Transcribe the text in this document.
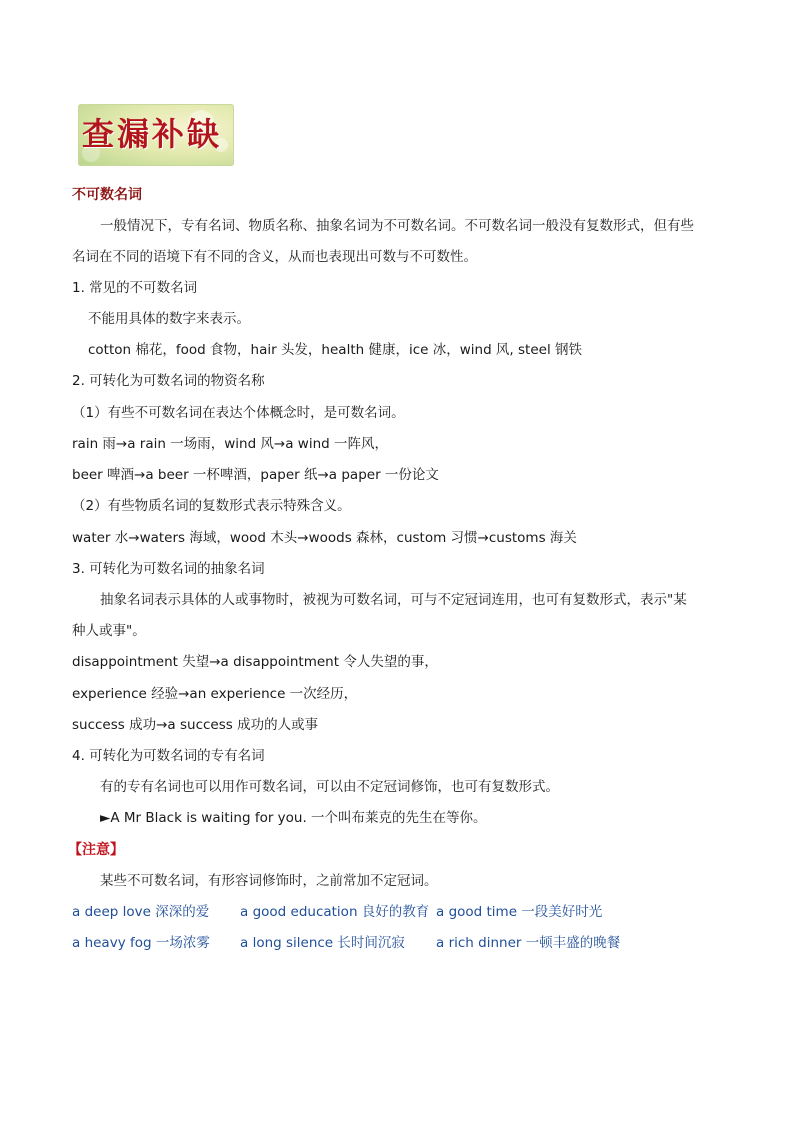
查漏补缺
不可数名词
一般情况下，专有名词、物质名称、抽象名词为不可数名词。不可数名词一般没有复数形式，但有些
名词在不同的语境下有不同的含义，从而也表现出可数与不可数性。
1. 常见的不可数名词
不能用具体的数字来表示。
cotton 棉花，food 食物，hair 头发，health 健康，ice 冰，wind 风, steel 钢铁
2. 可转化为可数名词的物资名称
（1）有些不可数名词在表达个体概念时，是可数名词。
rain 雨→a rain 一场雨，wind 风→a wind 一阵风，
beer 啤酒→a beer 一杯啤酒，paper 纸→a paper 一份论文
（2）有些物质名词的复数形式表示特殊含义。
water 水→waters 海域，wood 木头→woods 森林，custom 习惯→customs 海关
3. 可转化为可数名词的抽象名词
抽象名词表示具体的人或事物时，被视为可数名词，可与不定冠词连用，也可有复数形式，表示"某
种人或事"。
disappointment 失望→a disappointment 令人失望的事，
experience 经验→an experience 一次经历，
success 成功→a success 成功的人或事
4. 可转化为可数名词的专有名词
有的专有名词也可以用作可数名词，可以由不定冠词修饰，也可有复数形式。
►A Mr Black is waiting for you. 一个叫布莱克的先生在等你。
【注意】
某些不可数名词，有形容词修饰时，之前常加不定冠词。
a deep love 深深的爱 a good education 良好的教育 a good time 一段美好时光
a heavy fog 一场浓雾 a long silence 长时间沉寂 a rich dinner 一顿丰盛的晚餐
